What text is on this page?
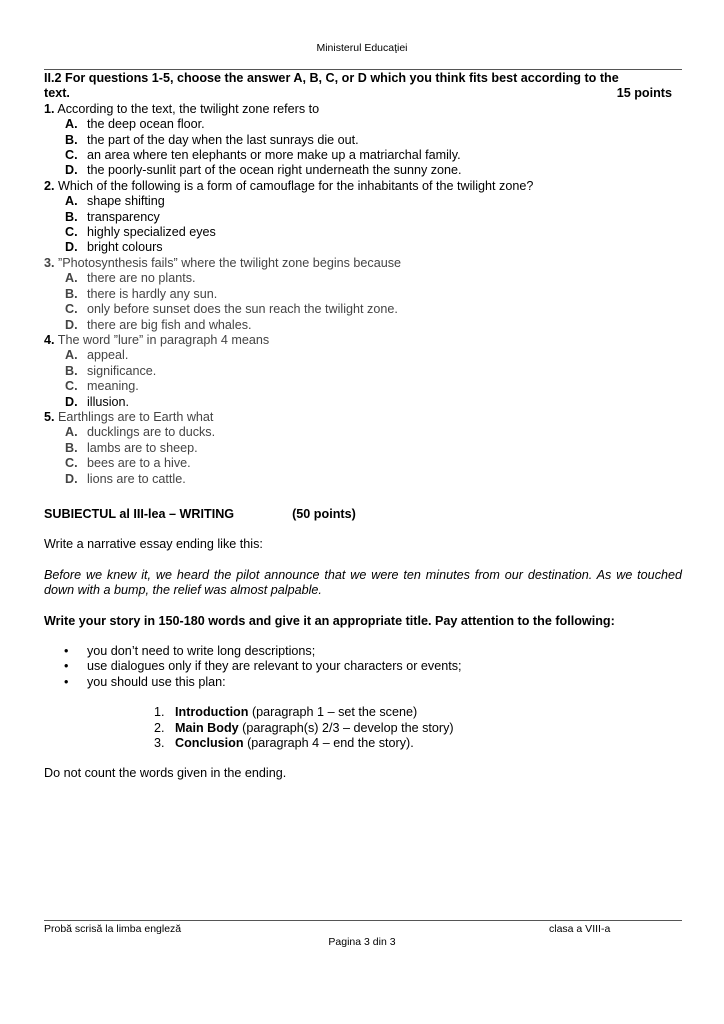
Ministerul Educaţiei
II.2 For questions 1-5, choose the answer A, B, C, or D which you think fits best according to the
text.	15 points
1. According to the text, the twilight zone refers to
A. the deep ocean floor.
B. the part of the day when the last sunrays die out.
C. an area where ten elephants or more make up a matriarchal family.
D. the poorly-sunlit part of the ocean right underneath the sunny zone.
2. Which of the following is a form of camouflage for the inhabitants of the twilight zone?
A. shape shifting
B. transparency
C. highly specialized eyes
D. bright colours
3. ”Photosynthesis fails” where the twilight zone begins because
A. there are no plants.
B. there is hardly any sun.
C. only before sunset does the sun reach the twilight zone.
D. there are big fish and whales.
4. The word ”lure” in paragraph 4 means
A. appeal.
B. significance.
C. meaning.
D. illusion.
5. Earthlings are to Earth what
A. ducklings are to ducks.
B. lambs are to sheep.
C. bees are to a hive.
D. lions are to cattle.
SUBIECTUL al III-lea – WRITING	(50 points)
Write a narrative essay ending like this:
Before we knew it, we heard the pilot announce that we were ten minutes from our destination. As we touched down with a bump, the relief was almost palpable.
Write your story in 150-180 words and give it an appropriate title. Pay attention to the following:
• you don’t need to write long descriptions;
• use dialogues only if they are relevant to your characters or events;
• you should use this plan:
1. Introduction (paragraph 1 – set the scene)
2. Main Body (paragraph(s) 2/3 – develop the story)
3. Conclusion (paragraph 4 – end the story).
Do not count the words given in the ending.
Probă scrisă la limba engleză	clasa a VIII-a
Pagina 3 din 3
